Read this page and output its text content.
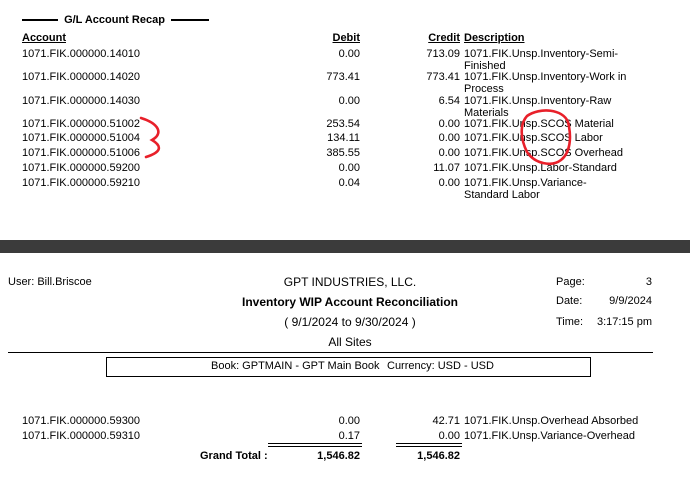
G/L Account Recap
Account	Debit	Credit Description
1071.FIK.000000.14010	0.00	713.09 1071.FIK.Unsp.Inventory-Semi-Finished
1071.FIK.000000.14020	773.41	773.41 1071.FIK.Unsp.Inventory-Work in Process
1071.FIK.000000.14030	0.00	6.54 1071.FIK.Unsp.Inventory-Raw Materials
1071.FIK.000000.51002	253.54	0.00 1071.FIK.Unsp.SCOS Material
1071.FIK.000000.51004	134.11	0.00 1071.FIK.Unsp.SCOS Labor
1071.FIK.000000.51006	385.55	0.00 1071.FIK.Unsp.SCOS Overhead
1071.FIK.000000.59200	0.00	11.07 1071.FIK.Unsp.Labor-Standard
1071.FIK.000000.59210	0.04	0.00 1071.FIK.Unsp.Variance-Standard Labor
User: Bill.Briscoe	GPT INDUSTRIES, LLC.
Inventory WIP Account Reconciliation
( 9/1/2024 to 9/30/2024 )
All Sites
Page:	3
Date:	9/9/2024
Time:	3:17:15 pm
Book: GPTMAIN - GPT Main Book Currency: USD - USD
1071.FIK.000000.59300	0.00	42.71 1071.FIK.Unsp.Overhead Absorbed
1071.FIK.000000.59310	0.17	0.00 1071.FIK.Unsp.Variance-Overhead
Grand Total :	1,546.82	1,546.82
